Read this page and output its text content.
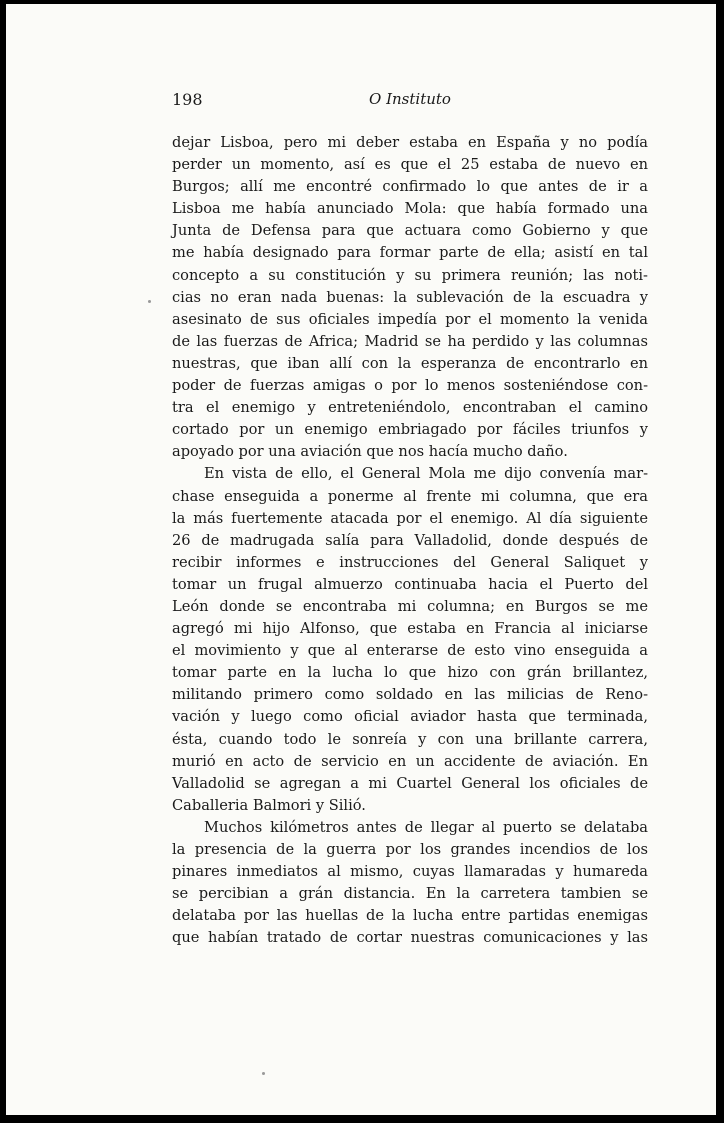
198	O Instituto
dejar Lisboa, pero mi deber estaba en España y no podía
perder un momento, así es que el 25 estaba de nuevo en
Burgos; allí me encontré confirmado lo que antes de ir a
Lisboa me había anunciado Mola: que había formado una
Junta de Defensa para que actuara como Gobierno y que
me había designado para formar parte de ella; asistí en tal
concepto a su constitución y su primera reunión; las noti-
cias no eran nada buenas: la sublevación de la escuadra y
asesinato de sus oficiales impedía por el momento la venida
de las fuerzas de Africa; Madrid se ha perdido y las columnas
nuestras, que iban allí con la esperanza de encontrarlo en
poder de fuerzas amigas o por lo menos sosteniéndose con-
tra el enemigo y entreteniéndolo, encontraban el camino
cortado por un enemigo embriagado por fáciles triunfos y
apoyado por una aviación que nos hacía mucho daño.
En vista de ello, el General Mola me dijo convenía mar-
chase enseguida a ponerme al frente mi columna, que era
la más fuertemente atacada por el enemigo. Al día siguiente
26 de madrugada salía para Valladolid, donde después de
recibir informes e instrucciones del General Saliquet y
tomar un frugal almuerzo continuaba hacia el Puerto del
León donde se encontraba mi columna; en Burgos se me
agregó mi hijo Alfonso, que estaba en Francia al iniciarse
el movimiento y que al enterarse de esto vino enseguida a
tomar parte en la lucha lo que hizo con grán brillantez,
militando primero como soldado en las milicias de Reno-
vación y luego como oficial aviador hasta que terminada,
ésta, cuando todo le sonreía y con una brillante carrera,
murió en acto de servicio en un accidente de aviación. En
Valladolid se agregan a mi Cuartel General los oficiales de
Caballeria Balmori y Silió.
Muchos kilómetros antes de llegar al puerto se delataba
la presencia de la guerra por los grandes incendios de los
pinares inmediatos al mismo, cuyas llamaradas y humareda
se percibian a grán distancia. En la carretera tambien se
delataba por las huellas de la lucha entre partidas enemigas
que habían tratado de cortar nuestras comunicaciones y las
